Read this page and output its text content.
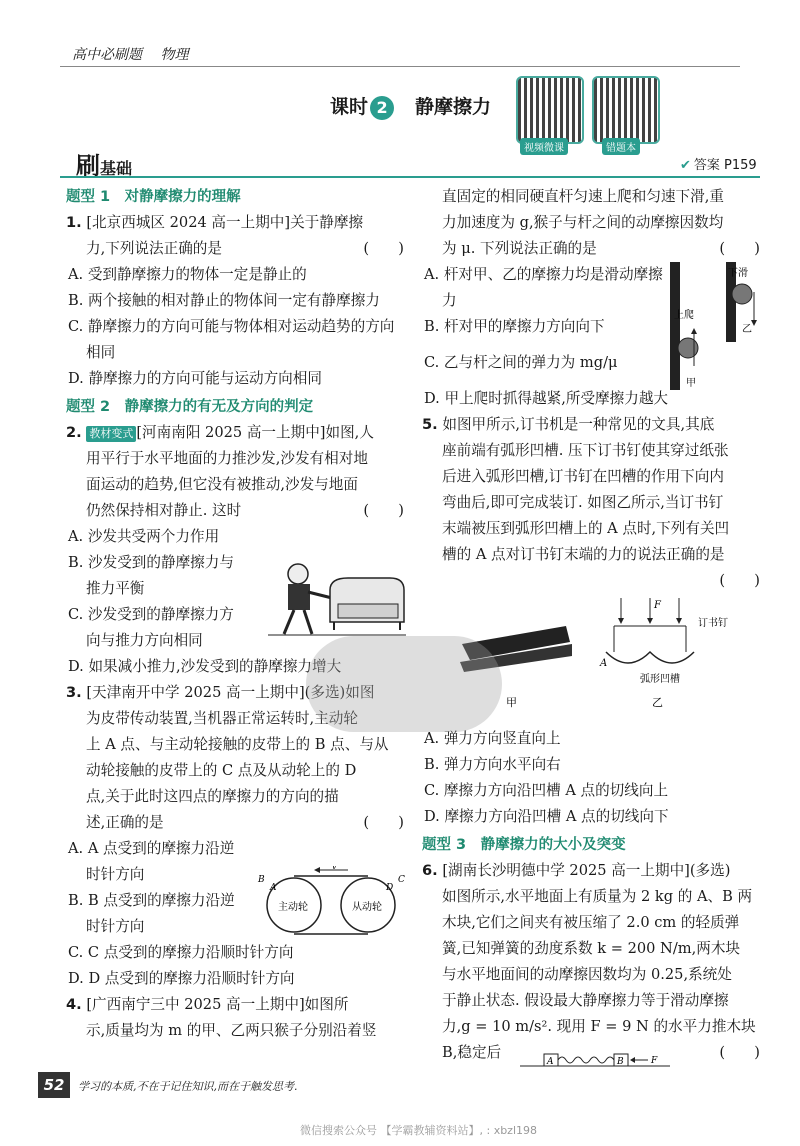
高中必刷题　 物理
课时 2　 静摩擦力
视频微课	错题本
刷基础	✔ 答案 P159
题型 1　对静摩擦力的理解
1. [北京西城区 2024 高一上期中]关于静摩擦
力,下列说法正确的是	(　　)
A. 受到静摩擦力的物体一定是静止的
B. 两个接触的相对静止的物体间一定有静摩擦力
C. 静摩擦力的方向可能与物体相对运动趋势的方向相同
D. 静摩擦力的方向可能与运动方向相同
题型 2　静摩擦力的有无及方向的判定
2. 教材变式 [河南南阳 2025 高一上期中]如图,人
用平行于水平地面的力推沙发,沙发有相对地
面运动的趋势,但它没有被推动,沙发与地面
仍然保持相对静止. 这时	(　　)
A. 沙发共受两个力作用
B. 沙发受到的静摩擦力与推力平衡
C. 沙发受到的静摩擦力方向与推力方向相同
D. 如果减小推力,沙发受到的静摩擦力增大
3. [天津南开中学 2025 高一上期中](多选)如图
为皮带传动装置,当机器正常运转时,主动轮
上 A 点、与主动轮接触的皮带上的 B 点、与从
动轮接触的皮带上的 C 点及从动轮上的 D
点,关于此时这四点的摩擦力的方向的描
述,正确的是	(　　)
A. A 点受到的摩擦力沿逆时针方向
B. B 点受到的摩擦力沿逆时针方向
C. C 点受到的摩擦力沿顺时针方向
D. D 点受到的摩擦力沿顺时针方向
4. [广西南宁三中 2025 高一上期中]如图所
示,质量均为 m 的甲、乙两只猴子分别沿着竖
v
主动轮	从动轮
B
A	D
C
直固定的相同硬直杆匀速上爬和匀速下滑,重
力加速度为 g,猴子与杆之间的动摩擦因数均
为 μ. 下列说法正确的是	(　　)
A. 杆对甲、乙的摩擦力均是滑动摩擦力
B. 杆对甲的摩擦力方向向下
C. 乙与杆之间的弹力为 mg/μ
D. 甲上爬时抓得越紧,所受摩擦力越大
5. 如图甲所示,订书机是一种常见的文具,其底
座前端有弧形凹槽. 压下订书钉使其穿过纸张
后进入弧形凹槽,订书钉在凹槽的作用下向内
弯曲后,即可完成装订. 如图乙所示,当订书钉
末端被压到弧形凹槽上的 A 点时,下列有关凹
槽的 A 点对订书钉末端的力的说法正确的是
(　　)
A. 弹力方向竖直向上
B. 弹力方向水平向右
C. 摩擦力方向沿凹槽 A 点的切线向上
D. 摩擦力方向沿凹槽 A 点的切线向下
题型 3　静摩擦力的大小及突变
6. [湖南长沙明德中学 2025 高一上期中](多选)
如图所示,水平地面上有质量为 2 kg 的 A、B 两
木块,它们之间夹有被压缩了 2.0 cm 的轻质弹
簧,已知弹簧的劲度系数 k = 200 N/m,两木块
与水平地面间的动摩擦因数均为 0.25,系统处
于静止状态. 假设最大静摩擦力等于滑动摩擦
力,g = 10 m/s². 现用 F = 9 N 的水平力推木块
B,稳定后	(　　)
上爬
下滑
甲
乙
甲
F
订书钉
A
弧形凹槽
乙
A	B	F
52	学习的本质,不在于记住知识,而在于触发思考.
微信搜索公众号 【学霸教辅资料站】, : xbzl198
